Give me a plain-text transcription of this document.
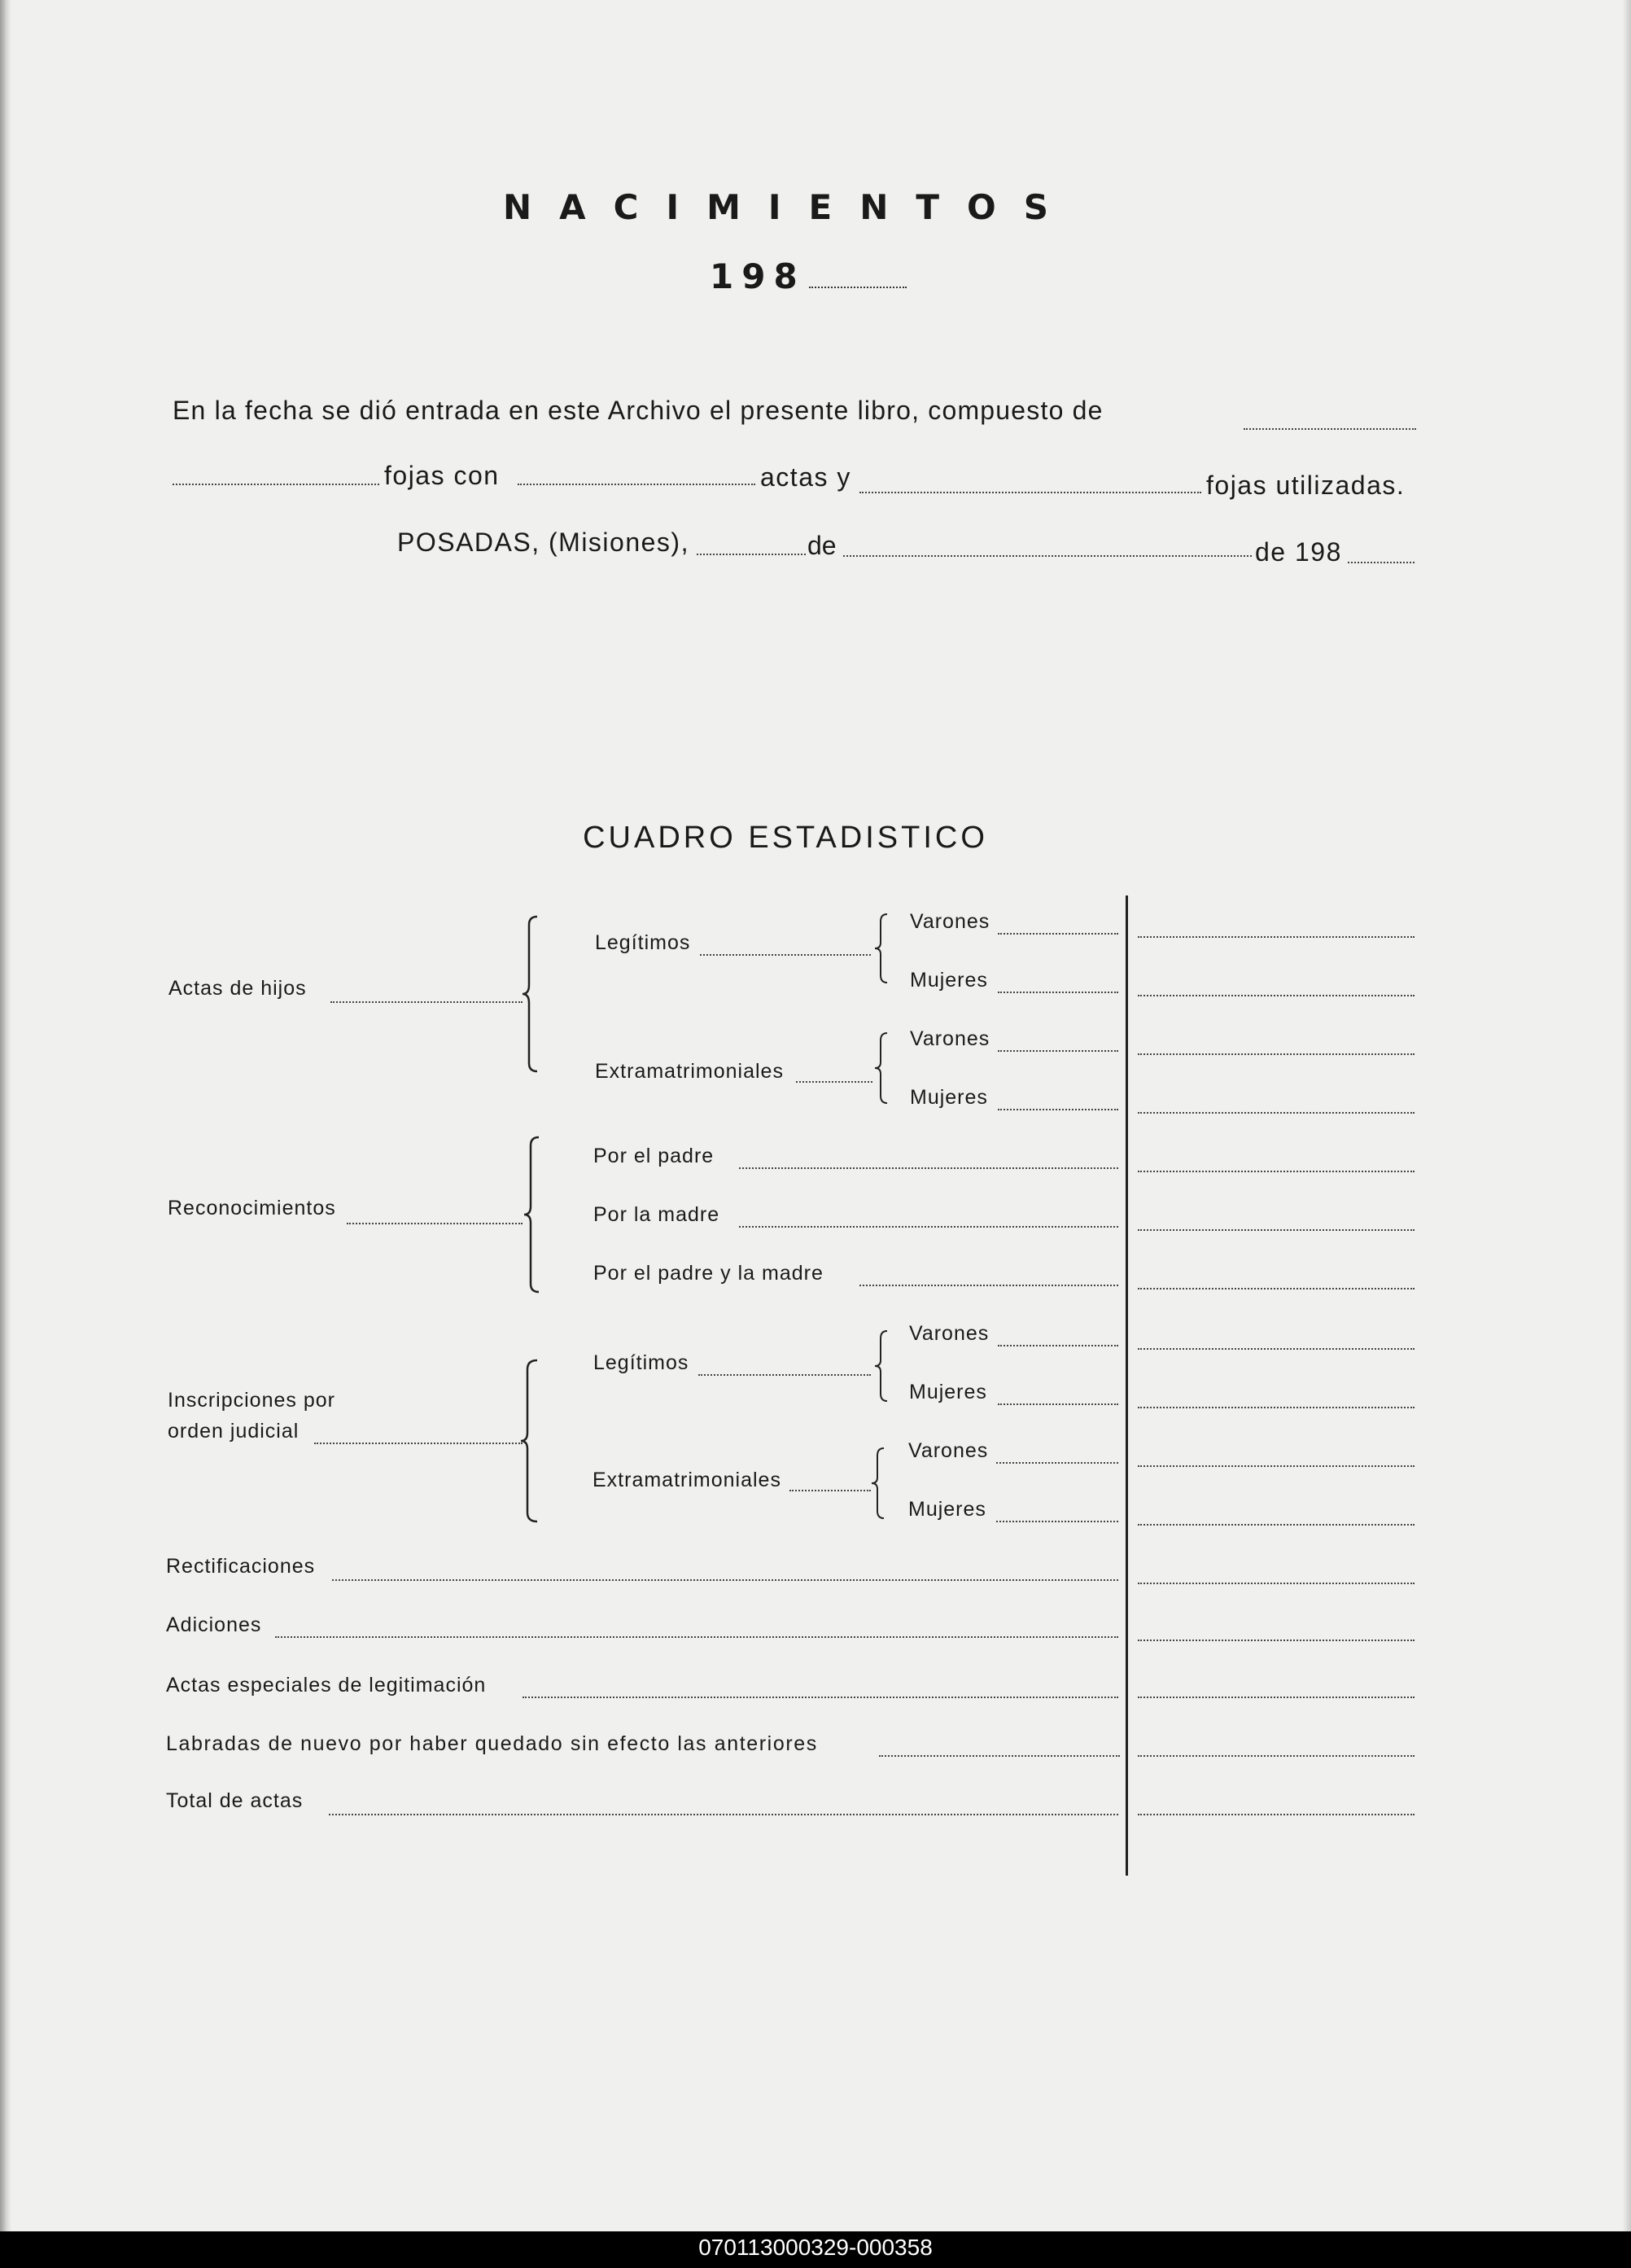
NACIMIENTOS
198
En la fecha se dió entrada en este Archivo el presente libro, compuesto de
fojas con	actas y	fojas utilizadas.
POSADAS, (Misiones),	de	de 198
CUADRO ESTADISTICO
Actas de hijos
Legítimos
Varones
Mujeres
Extramatrimoniales
Varones
Mujeres
Reconocimientos
Por el padre
Por la madre
Por el padre y la madre
Inscripciones por
orden judicial
Legítimos
Varones
Mujeres
Extramatrimoniales
Varones
Mujeres
Rectificaciones
Adiciones
Actas especiales de legitimación
Labradas de nuevo por haber quedado sin efecto las anteriores
Total de actas
070113000329-000358
